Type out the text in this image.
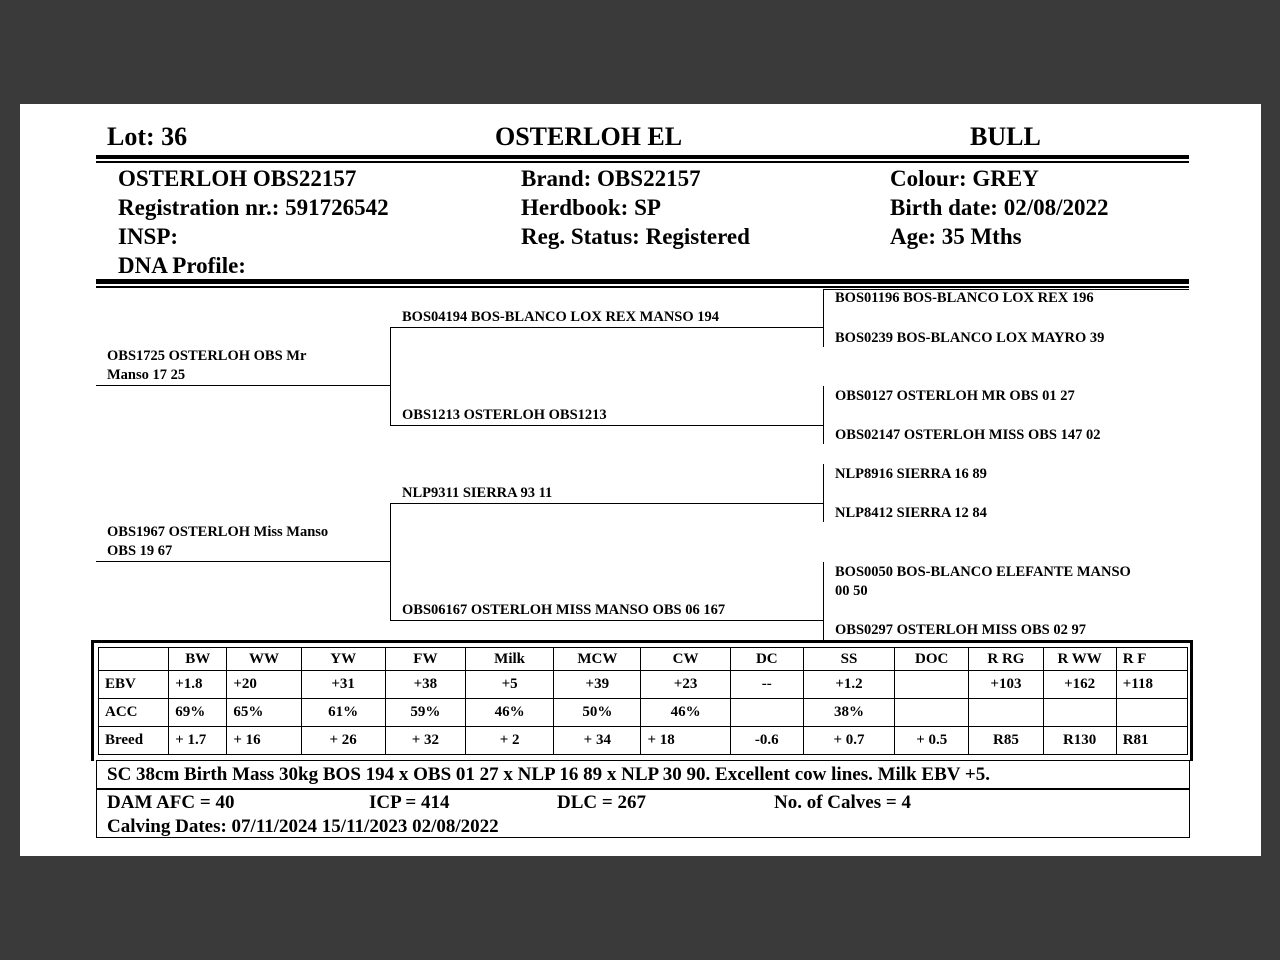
Lot: 36	OSTERLOH EL	BULL
OSTERLOH OBS22157
Registration nr.: 591726542
INSP:
DNA Profile:
Brand: OBS22157
Herdbook: SP
Reg. Status: Registered
Colour: GREY
Birth date: 02/08/2022
Age: 35 Mths
OBS1725 OSTERLOH OBS Mr
Manso 17 25
OBS1967 OSTERLOH Miss Manso
OBS 19 67
BOS04194 BOS-BLANCO LOX REX MANSO 194
OBS1213 OSTERLOH OBS1213
NLP9311 SIERRA 93 11
OBS06167 OSTERLOH MISS MANSO OBS 06 167
BOS01196 BOS-BLANCO LOX REX 196
BOS0239 BOS-BLANCO LOX MAYRO 39
OBS0127 OSTERLOH MR OBS 01 27
OBS02147 OSTERLOH MISS OBS 147 02
NLP8916 SIERRA 16 89
NLP8412 SIERRA 12 84
BOS0050 BOS-BLANCO ELEFANTE MANSO
00 50
OBS0297 OSTERLOH MISS OBS 02 97
	BW	WW	YW	FW	Milk	MCW	CW	DC	SS	DOC	R RG	R WW	R F
EBV	+1.8	+20	+31	+38	+5	+39	+23	--	+1.2		+103	+162	+118
ACC	69%	65%	61%	59%	46%	50%	46%		38%				
Breed	+ 1.7	+ 16	+ 26	+ 32	+ 2	+ 34	+ 18	-0.6	+ 0.7	+ 0.5	R85	R130	R81
SC 38cm Birth Mass 30kg BOS 194 x OBS 01 27 x NLP 16 89 x NLP 30 90. Excellent cow lines. Milk EBV +5.
DAM AFC = 40	ICP = 414	DLC = 267	No. of Calves = 4
Calving Dates: 07/11/2024 15/11/2023 02/08/2022
